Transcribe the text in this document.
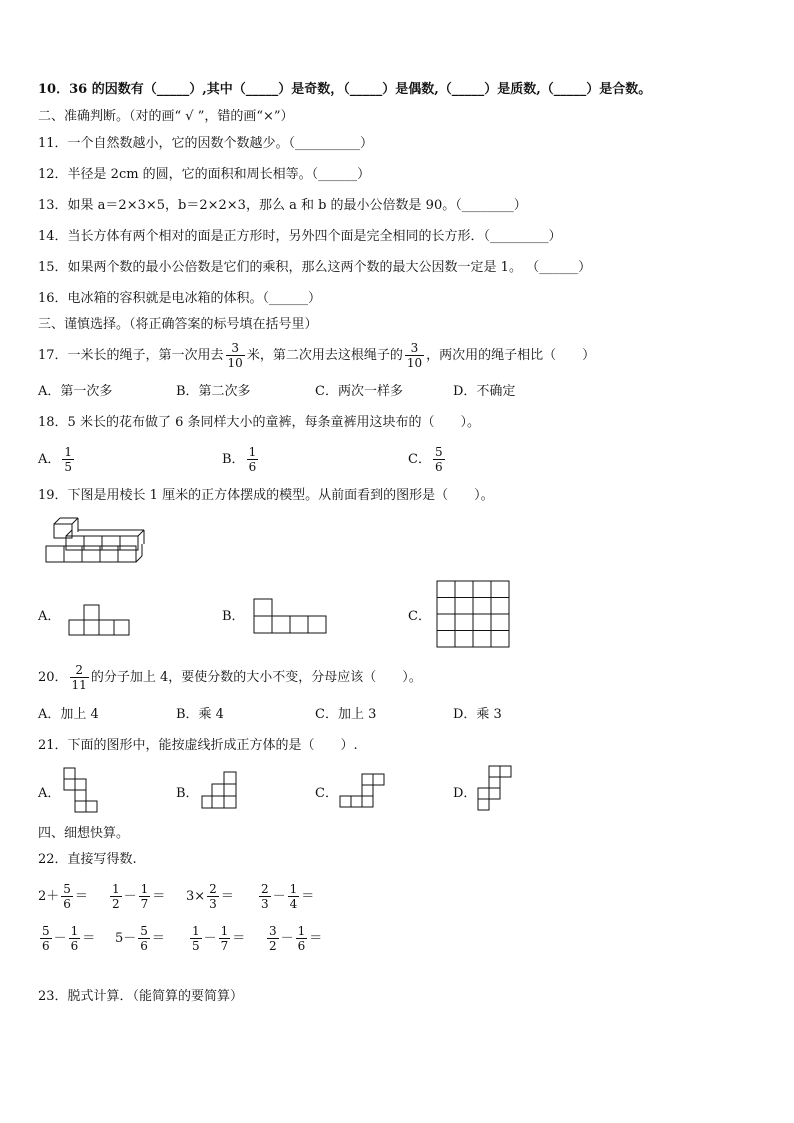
10．36 的因数有（_____）,其中（_____）是奇数，（_____）是偶数,（_____）是质数,（_____）是合数。
二、准确判断。（对的画“ √ ”，错的画“×”）
11．一个自然数越小，它的因数个数越少。（__________）
12．半径是 2cm 的圆，它的面积和周长相等。（______）
13．如果 a＝2×3×5，b＝2×2×3，那么 a 和 b 的最小公倍数是 90。（________）
14．当长方体有两个相对的面是正方形时，另外四个面是完全相同的长方形．（_________）
15．如果两个数的最小公倍数是它们的乘积，那么这两个数的最大公因数一定是 1。 （______）
16．电冰箱的容积就是电冰箱的体积。（______）
三、谨慎选择。（将正确答案的标号填在括号里）
17．一米长的绳子，第一次用去 $\frac{3}{10}$ 米，第二次用去这根绳子的 $\frac{3}{10}$ ，两次用的绳子相比（　　）
A．第一次多	B．第二次多	C．两次一样多	D．不确定
18．5 米长的花布做了 6 条同样大小的童裤，每条童裤用这块布的（　　）。
A． $\frac{1}{5}$	B． $\frac{1}{6}$	C． $\frac{5}{6}$
19．下图是用棱长 1 厘米的正方体摆成的模型。从前面看到的图形是（　　）。
A．	B．	C．
20． $\frac{2}{11}$ 的分子加上 4，要使分数的大小不变，分母应该（　　）。
A．加上 4	B．乘 4	C．加上 3	D．乘 3
21．下面的图形中，能按虚线折成正方体的是（　　）.
A．	B．	C．	D．
四、细想快算。
22．直接写得数.
$2+ \frac{5}{6} = \frac{1}{2} - \frac{1}{7} = 3\times \frac{2}{3} = \frac{2}{3} - \frac{1}{4}$ ＝
$\frac{5}{6} - \frac{1}{6} = 5- \frac{5}{6} = \frac{1}{5} - \frac{1}{7} = \frac{3}{2} - \frac{1}{6}$ ＝
23．脱式计算．（能简算的要简算）
